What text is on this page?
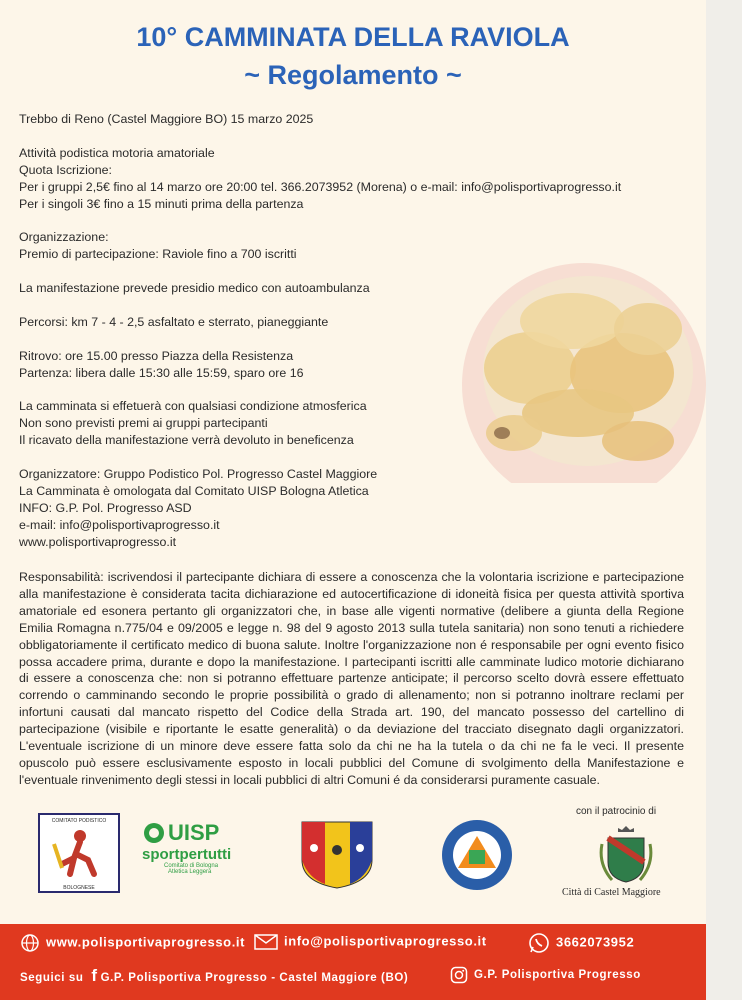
10° CAMMINATA DELLA RAVIOLA
~ Regolamento ~
Trebbo di Reno (Castel Maggiore BO) 15 marzo 2025
Attività podistica motoria amatoriale
Quota Iscrizione:
Per i gruppi 2,5€ fino al 14 marzo ore 20:00 tel. 366.2073952 (Morena) o e-mail: info@polisportivaprogresso.it
Per i singoli 3€ fino a 15 minuti prima della partenza
Organizzazione:
Premio di partecipazione: Raviole fino a 700 iscritti
La manifestazione prevede presidio medico con autoambulanza
Percorsi: km 7 - 4 - 2,5 asfaltato e sterrato, pianeggiante
Ritrovo: ore 15.00 presso Piazza della Resistenza
Partenza: libera dalle 15:30 alle 15:59, sparo ore 16
La camminata si effetuerà con qualsiasi condizione atmosferica
Non sono previsti premi ai gruppi partecipanti
Il ricavato della manifestazione verrà devoluto in beneficenza
Organizzatore: Gruppo Podistico Pol. Progresso Castel Maggiore
La Camminata è omologata dal Comitato UISP Bologna Atletica
INFO: G.P. Pol. Progresso ASD
e-mail: info@polisportivaprogresso.it
www.polisportivaprogresso.it
Responsabilità: iscrivendosi il partecipante dichiara di essere a conoscenza che la volontaria iscrizione e partecipazione alla manifestazione è considerata tacita dichiarazione ed autocertificazione di idoneità fisica per questa attività sportiva amatoriale ed esonera pertanto gli organizzatori che, in base alle vigenti normative (delibere a giunta della Regione Emilia Romagna n.775/04 e 09/2005 e legge n. 98 del 9 agosto 2013 sulla tutela sanitaria) non sono tenuti a richiedere obbligatoriamente il certificato medico di buona salute. Inoltre l'organizzazione non é responsabile per ogni evento fisico possa accadere prima, durante e dopo la manifestazione. I partecipanti iscritti alle camminate ludico motorie dichiarano di essere a conoscenza che: non si potranno effettuare partenze anticipate; il percorso scelto dovrà essere effettuato correndo o camminando secondo le proprie possibilità o grado di allenamento; non si potranno inoltrare reclami per infortuni causati dal mancato rispetto del Codice della Strada art. 190, del mancato possesso del cartellino di partecipazione (visibile e riportante le esatte generalità) o da deviazione del tracciato disegnato dagli organizzatori. L'eventuale iscrizione di un minore deve essere fatta solo da chi ne ha la tutela o da chi ne fa le veci. Il presente opuscolo può essere esclusivamente esposto in locali pubblici del Comune di svolgimento della Manifestazione e l'eventuale rinvenimento degli stessi in locali pubblici di altri Comuni é da considerarsi puramente casuale.
COMITATO PODISTICO
BOLOGNESE
UISP
sportpertutti
Comitato di Bologna
Atletica Leggera
con il patrocinio di
Città di Castel Maggiore
www.polisportivaprogresso.it	info@polisportivaprogresso.it	3662073952
Seguici su f G.P. Polisportiva Progresso - Castel Maggiore (BO)	G.P. Polisportiva Progresso
